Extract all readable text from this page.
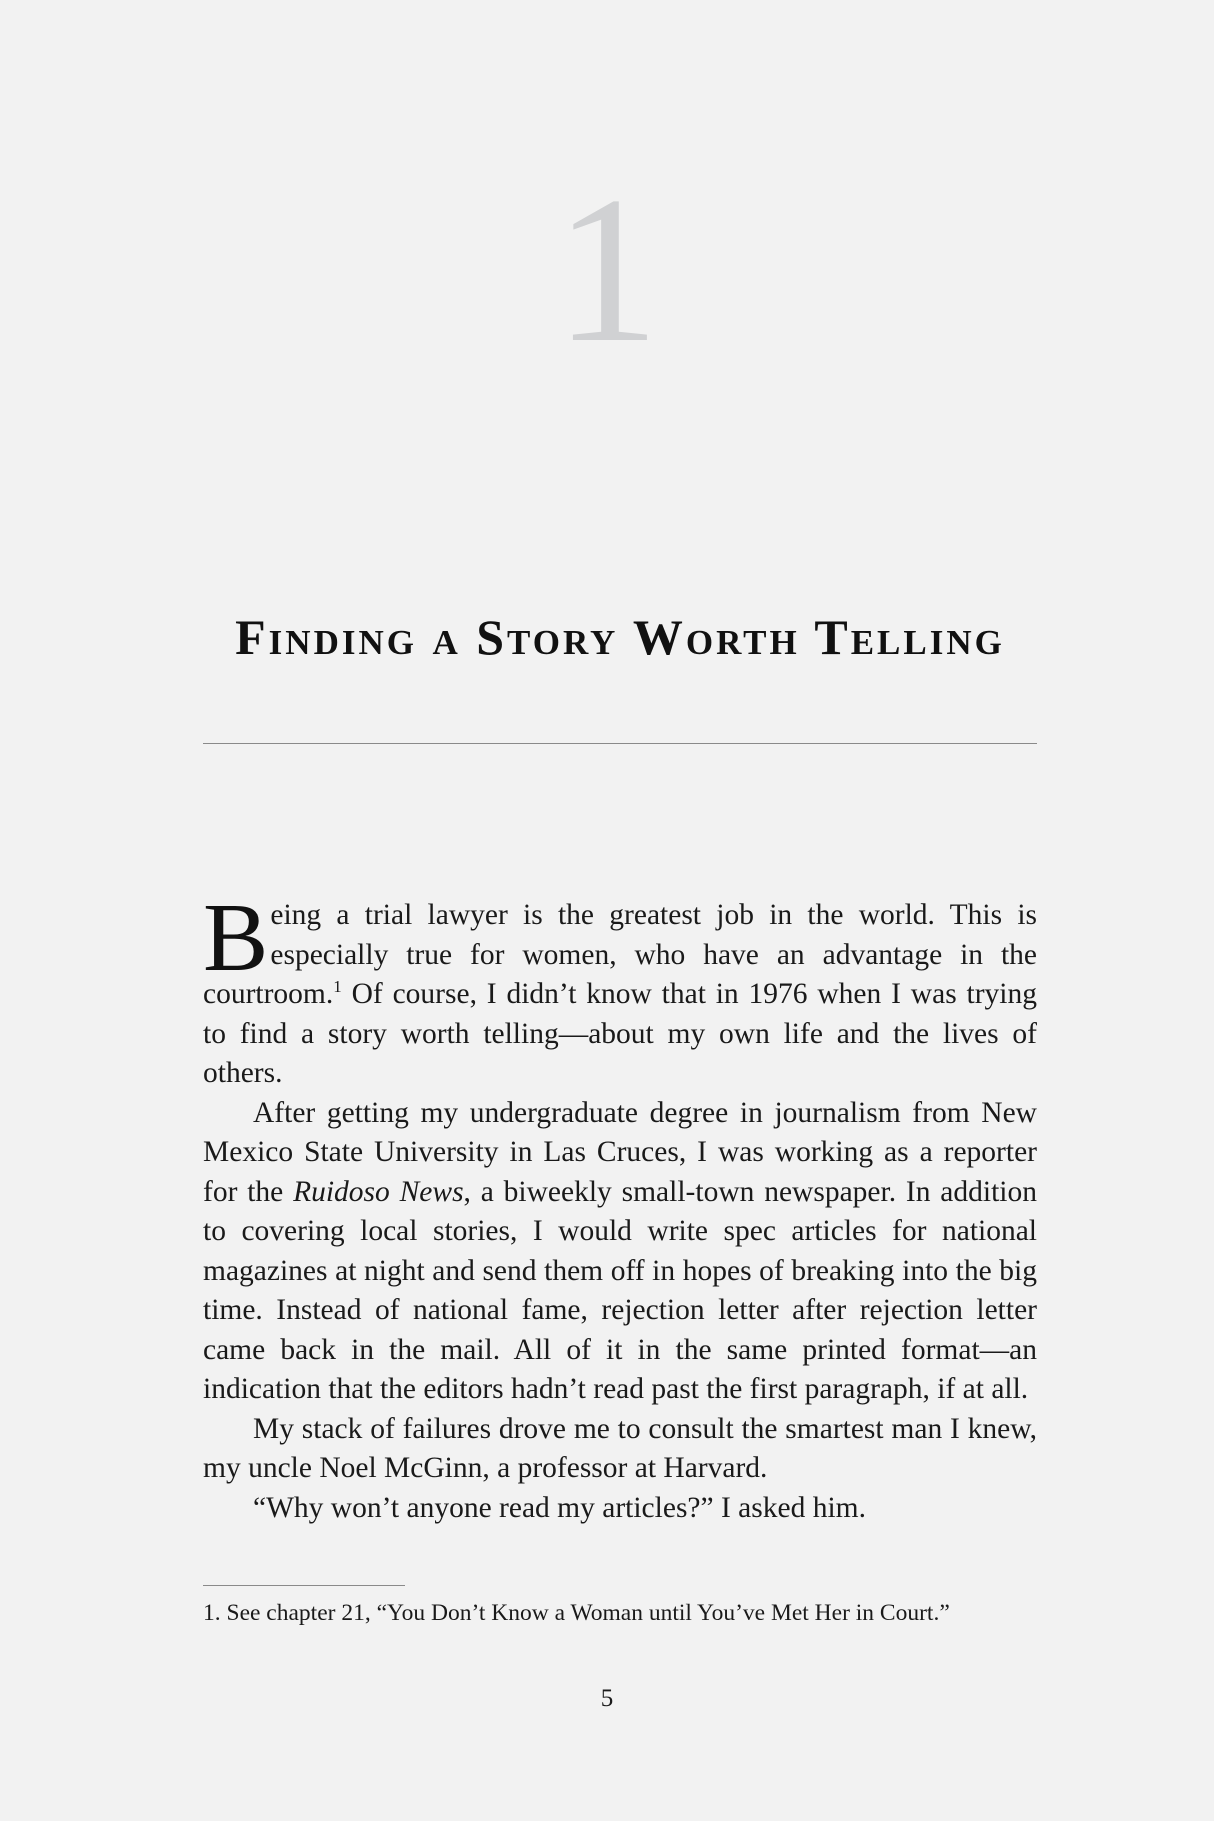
1
Finding a Story Worth Telling

Being a trial lawyer is the greatest job in the world. This is especially true for women, who have an advantage in the courtroom.$^1$ Of course, I didn’t know that in 1976 when I was trying to find a story worth telling—about my own life and the lives of others.

After getting my undergraduate degree in journalism from New Mexico State University in Las Cruces, I was working as a reporter for the Ruidoso News, a biweekly small-town newspaper. In addition to covering local stories, I would write spec articles for national magazines at night and send them off in hopes of breaking into the big time. Instead of national fame, rejection letter after rejection letter came back in the mail. All of it in the same printed format—an indication that the editors hadn’t read past the first paragraph, if at all.

My stack of failures drove me to consult the smartest man I knew, my uncle Noel McGinn, a professor at Harvard.

“Why won’t anyone read my articles?” I asked him.

1. See chapter 21, “You Don’t Know a Woman until You’ve Met Her in Court.”
5
